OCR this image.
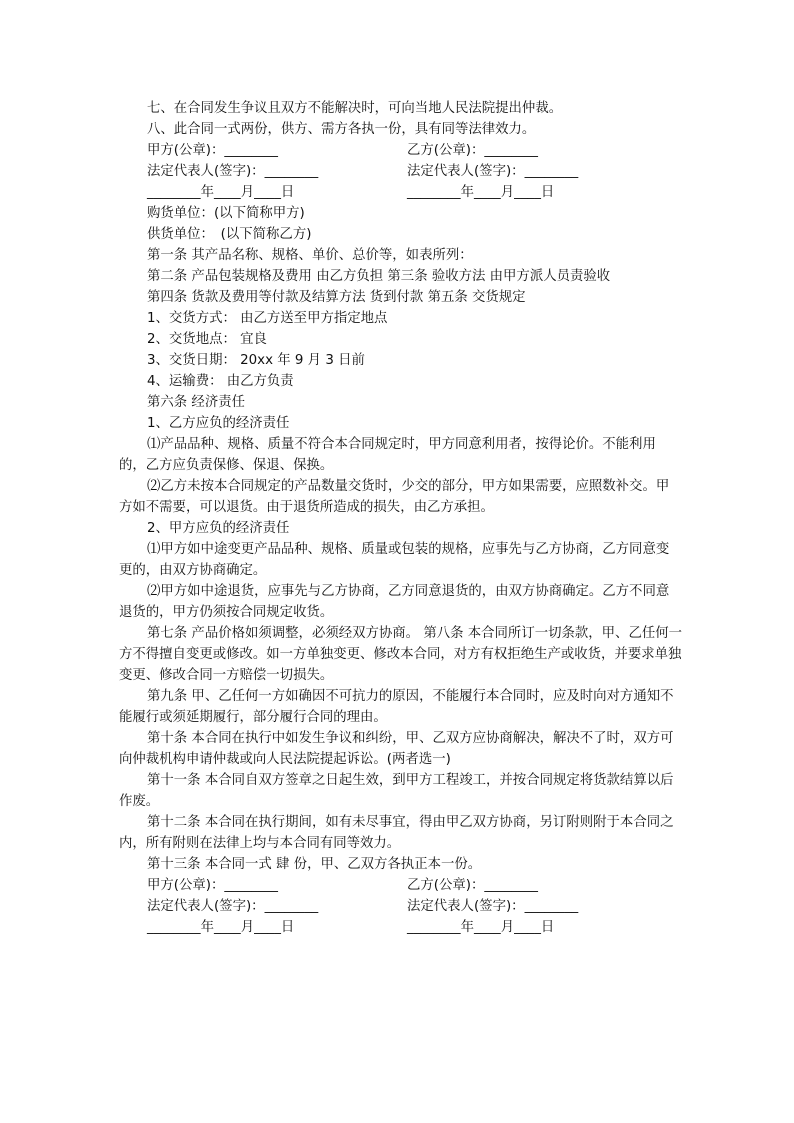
七、在合同发生争议且双方不能解决时，可向当地人民法院提出仲裁。
八、此合同一式两份，供方、需方各执一份，具有同等法律效力。
甲方(公章)：________	乙方(公章)：________
法定代表人(签字)：________	法定代表人(签字)：________
________年____月____日	________年____月____日
购货单位：(以下简称甲方)
供货单位：　(以下简称乙方)
第一条 其产品名称、规格、单价、总价等，如表所列：
第二条 产品包装规格及费用 由乙方负担 第三条 验收方法 由甲方派人员责验收
第四条 货款及费用等付款及结算方法 货到付款 第五条 交货规定
1、交货方式： 由乙方送至甲方指定地点
2、交货地点： 宜良
3、交货日期： 20xx 年 9 月 3 日前
4、运输费： 由乙方负责
第六条 经济责任
1、乙方应负的经济责任
⑴产品品种、规格、质量不符合本合同规定时，甲方同意利用者，按得论价。不能利用的，乙方应负责保修、保退、保换。
⑵乙方未按本合同规定的产品数量交货时，少交的部分，甲方如果需要，应照数补交。甲方如不需要，可以退货。由于退货所造成的损失，由乙方承担。
2、甲方应负的经济责任
⑴甲方如中途变更产品品种、规格、质量或包装的规格，应事先与乙方协商，乙方同意变更的，由双方协商确定。
⑵甲方如中途退货，应事先与乙方协商，乙方同意退货的，由双方协商确定。乙方不同意退货的，甲方仍须按合同规定收货。
第七条 产品价格如须调整，必须经双方协商。 第八条 本合同所订一切条款，甲、乙任何一方不得擅自变更或修改。如一方单独变更、修改本合同，对方有权拒绝生产或收货，并要求单独变更、修改合同一方赔偿一切损失。
第九条 甲、乙任何一方如确因不可抗力的原因，不能履行本合同时，应及时向对方通知不能履行或须延期履行，部分履行合同的理由。
第十条 本合同在执行中如发生争议和纠纷，甲、乙双方应协商解决，解决不了时，双方可向仲裁机构申请仲裁或向人民法院提起诉讼。(两者选一)
第十一条 本合同自双方签章之日起生效，到甲方工程竣工，并按合同规定将货款结算以后作废。
第十二条 本合同在执行期间，如有未尽事宜，得由甲乙双方协商，另订附则附于本合同之内，所有附则在法律上均与本合同有同等效力。
第十三条 本合同一式 肆 份，甲、乙双方各执正本一份。
甲方(公章)：________	乙方(公章)：________
法定代表人(签字)：________	法定代表人(签字)：________
________年____月____日	________年____月____日
